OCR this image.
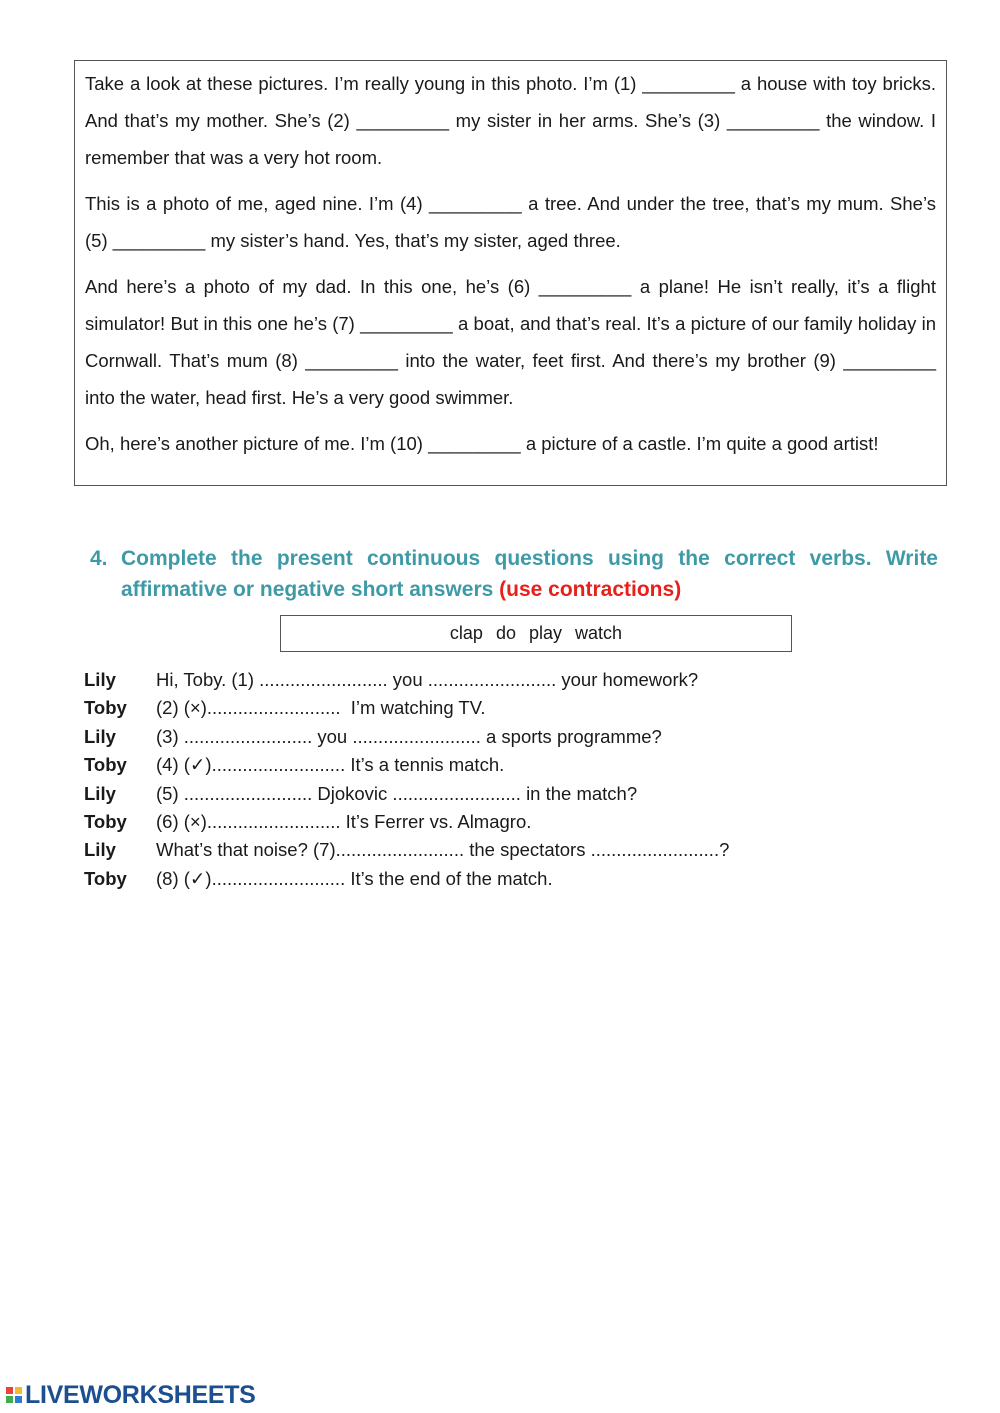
Take a look at these pictures. I’m really young in this photo. I’m (1) _________ a house with toy bricks. And that’s my mother. She’s (2) _________ my sister in her arms. She’s (3) _________ the window. I remember that was a very hot room.

This is a photo of me, aged nine. I’m (4) _________ a tree. And under the tree, that’s my mum. She’s (5) _________ my sister’s hand. Yes, that’s my sister, aged three.

And here’s a photo of my dad. In this one, he’s (6) _________ a plane! He isn’t really, it’s a flight simulator! But in this one he’s (7) _________ a boat, and that’s real. It’s a picture of our family holiday in Cornwall. That’s mum (8) _________ into the water, feet first. And there’s my brother (9) _________ into the water, head first. He’s a very good swimmer.

Oh, here’s another picture of me. I’m (10) _________ a picture of a castle. I’m quite a good artist!

4. Complete the present continuous questions using the correct verbs. Write affirmative or negative short answers (use contractions)
clap do play watch
Lily Hi, Toby. (1) ......................... you ......................... your homework?
Toby (2) (×)..........................  I’m watching TV.
Lily (3) ......................... you ......................... a sports programme?
Toby (4) (✓).......................... It’s a tennis match.
Lily (5) ......................... Djokovic ......................... in the match?
Toby (6) (×).......................... It’s Ferrer vs. Almagro.
Lily What’s that noise? (7)......................... the spectators .........................?
Toby (8) (✓).......................... It’s the end of the match.
LIVEWORKSHEETS
